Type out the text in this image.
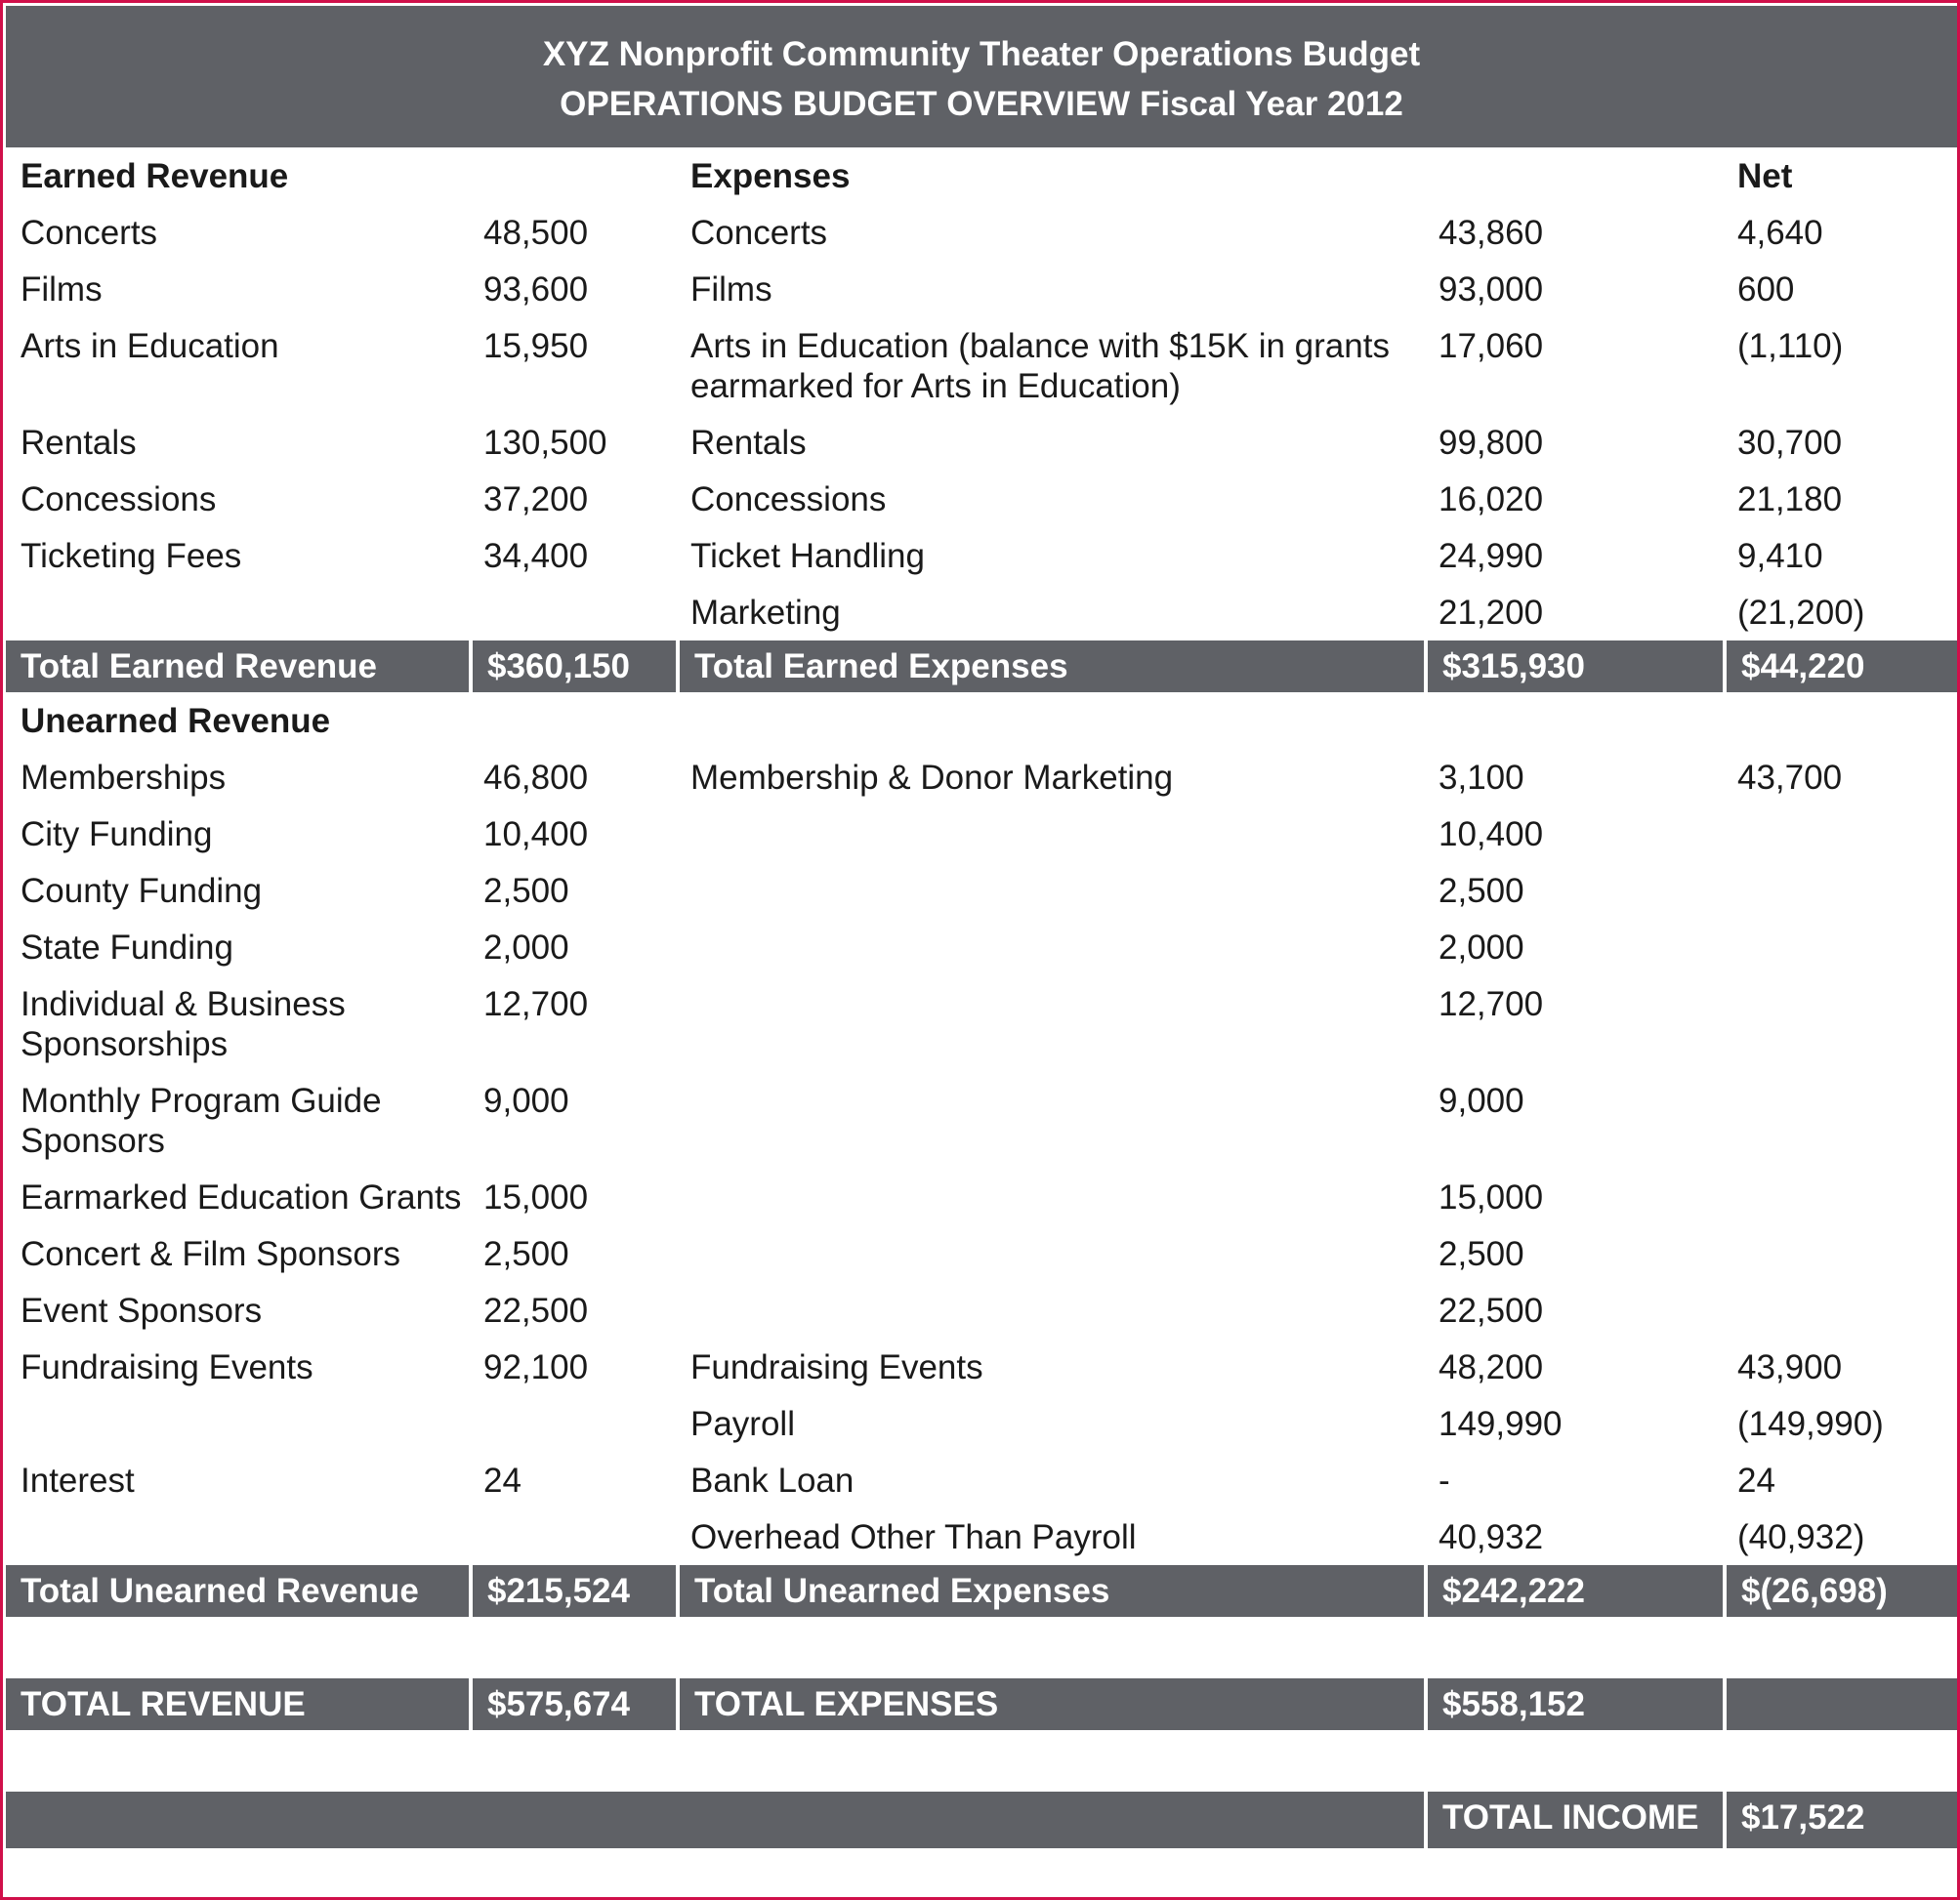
XYZ Nonprofit Community Theater Operations Budget
OPERATIONS BUDGET OVERVIEW Fiscal Year 2012
Earned Revenue		Expenses		Net
Concerts	48,500	Concerts	43,860	4,640
Films	93,600	Films	93,000	600
Arts in Education	15,950	Arts in Education (balance with $15K in grants earmarked for Arts in Education)	17,060	(1,110)
Rentals	130,500	Rentals	99,800	30,700
Concessions	37,200	Concessions	16,020	21,180
Ticketing Fees	34,400	Ticket Handling	24,990	9,410
		Marketing	21,200	(21,200)
Total Earned Revenue	$360,150	Total Earned Expenses	$315,930	$44,220
Unearned Revenue				
Memberships	46,800	Membership & Donor Marketing	3,100	43,700
City Funding	10,400		10,400	
County Funding	2,500		2,500	
State Funding	2,000		2,000	
Individual & Business Sponsorships	12,700		12,700	
Monthly Program Guide Sponsors	9,000		9,000	
Earmarked Education Grants	15,000		15,000	
Concert & Film Sponsors	2,500		2,500	
Event Sponsors	22,500		22,500	
Fundraising Events	92,100	Fundraising Events	48,200	43,900
		Payroll	149,990	(149,990)
Interest	24	Bank Loan	-	24
		Overhead Other Than Payroll	40,932	(40,932)
Total Unearned Revenue	$215,524	Total Unearned Expenses	$242,222	$(26,698)

TOTAL REVENUE	$575,674	TOTAL EXPENSES	$558,152	

			TOTAL INCOME	$17,522
